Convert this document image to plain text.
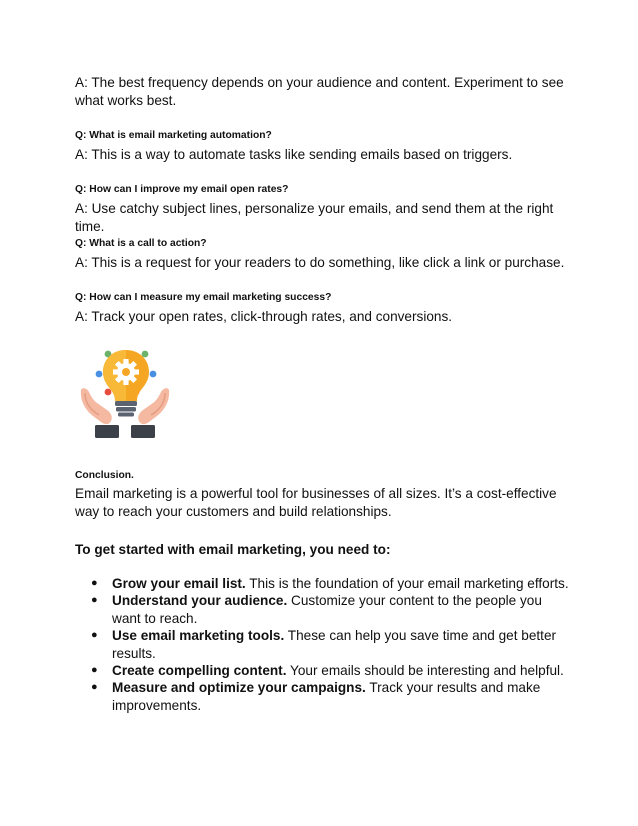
A: The best frequency depends on your audience and content. Experiment to see what works best.

Q: What is email marketing automation?

A: This is a way to automate tasks like sending emails based on triggers.

Q: How can I improve my email open rates?

A: Use catchy subject lines, personalize your emails, and send them at the right time.

Q: What is a call to action?

A: This is a request for your readers to do something, like click a link or purchase.

Q: How can I measure my email marketing success?

A: Track your open rates, click-through rates, and conversions.

Conclusion.

Email marketing is a powerful tool for businesses of all sizes. It’s a cost-effective way to reach your customers and build relationships.

To get started with email marketing, you need to:

● Grow your email list. This is the foundation of your email marketing efforts.
● Understand your audience. Customize your content to the people you want to reach.
● Use email marketing tools. These can help you save time and get better results.
● Create compelling content. Your emails should be interesting and helpful.
● Measure and optimize your campaigns. Track your results and make improvements.
